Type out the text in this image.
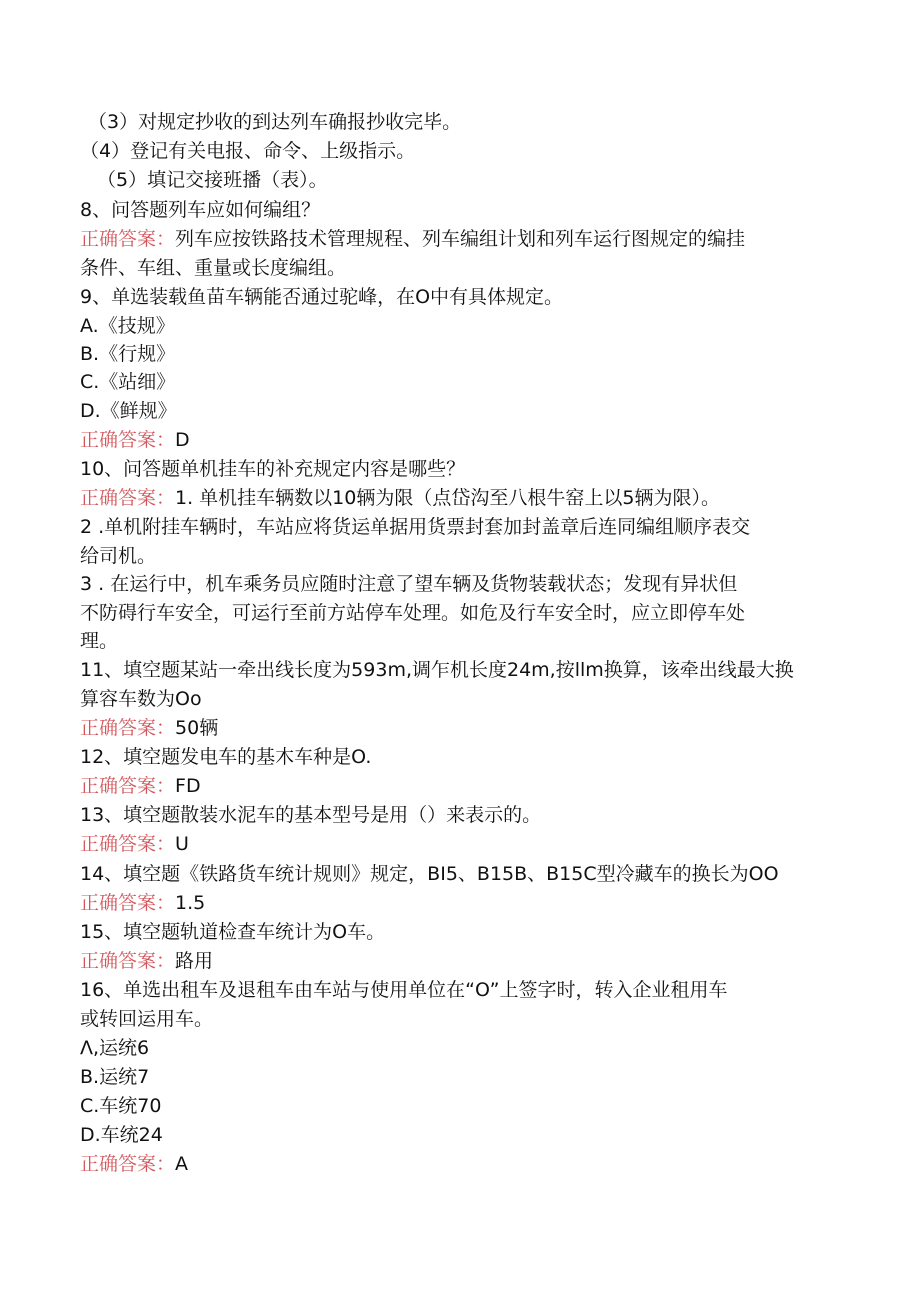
（3）对规定抄收的到达列车确报抄收完毕。
（4）登记有关电报、命令、上级指示。
（5）填记交接班播（表）。
8、问答题列车应如何编组？
正确答案：列车应按铁路技术管理规程、列车编组计划和列车运行图规定的编挂
条件、车组、重量或长度编组。
9、单选装载鱼苗车辆能否通过驼峰，在O中有具体规定。
A.《技规》
B.《行规》
C.《站细》
D.《鲜规》
正确答案：D
10、问答题单机挂车的补充规定内容是哪些？
正确答案：1. 单机挂车辆数以10辆为限（点岱沟至八根牛窑上以5辆为限）。
2 .单机附挂车辆时，车站应将货运单据用货票封套加封盖章后连同编组顺序表交
给司机。
3 . 在运行中，机车乘务员应随时注意了望车辆及货物装载状态；发现有异状但
不防碍行车安全，可运行至前方站停车处理。如危及行车安全时，应立即停车处
理。
11、填空题某站一牵出线长度为593m,调乍机长度24m,按llm换算，该牵出线最大换
算容车数为Oo
正确答案：50辆
12、填空题发电车的基木车种是O.
正确答案：FD
13、填空题散装水泥车的基本型号是用（）来表示的。
正确答案：U
14、填空题《铁路货车统计规则》规定，BI5、B15B、B15C型冷藏车的换长为OO
正确答案：1.5
15、填空题轨道检查车统计为O车。
正确答案：路用
16、单选出租车及退租车由车站与使用单位在“O”上签字时，转入企业租用车
或转回运用车。
Λ,运统6
B.运统7
C.车统70
D.车统24
正确答案：A
